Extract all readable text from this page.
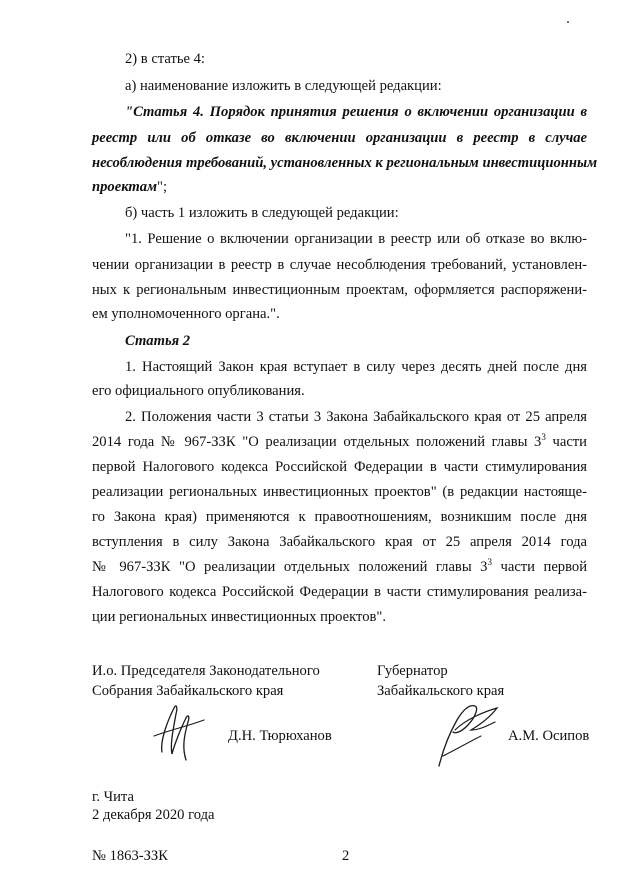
2) в статье 4:
а) наименование изложить в следующей редакции:
"Статья 4. Порядок принятия решения о включении организации в
реестр или об отказе во включении организации в реестр в случае
несоблюдения требований, установленных к региональным инвестиционным
проектам";
б) часть 1 изложить в следующей редакции:
"1. Решение о включении организации в реестр или об отказе во вклю-
чении организации в реестр в случае несоблюдения требований, установлен-
ных к региональным инвестиционным проектам, оформляется распоряжени-
ем уполномоченного органа.".
Статья 2
1. Настоящий Закон края вступает в силу через десять дней после дня
его официального опубликования.
2. Положения части 3 статьи 3 Закона Забайкальского края от 25 апреля
2014 года № 967-ЗЗК "О реализации отдельных положений главы $3^3$ части
первой Налогового кодекса Российской Федерации в части стимулирования
реализации региональных инвестиционных проектов" (в редакции настояще-
го Закона края) применяются к правоотношениям, возникшим после дня
вступления в силу Закона Забайкальского края от 25 апреля 2014 года
№ 967-ЗЗК "О реализации отдельных положений главы $3^3$ части первой
Налогового кодекса Российской Федерации в части стимулирования реализа-
ции региональных инвестиционных проектов".
И.о. Председателя Законодательного
Собрания Забайкальского края
Губернатор
Забайкальского края
Д.Н. Тюрюханов	А.М. Осипов
г. Чита
2 декабря 2020 года
№ 1863-ЗЗК	2
